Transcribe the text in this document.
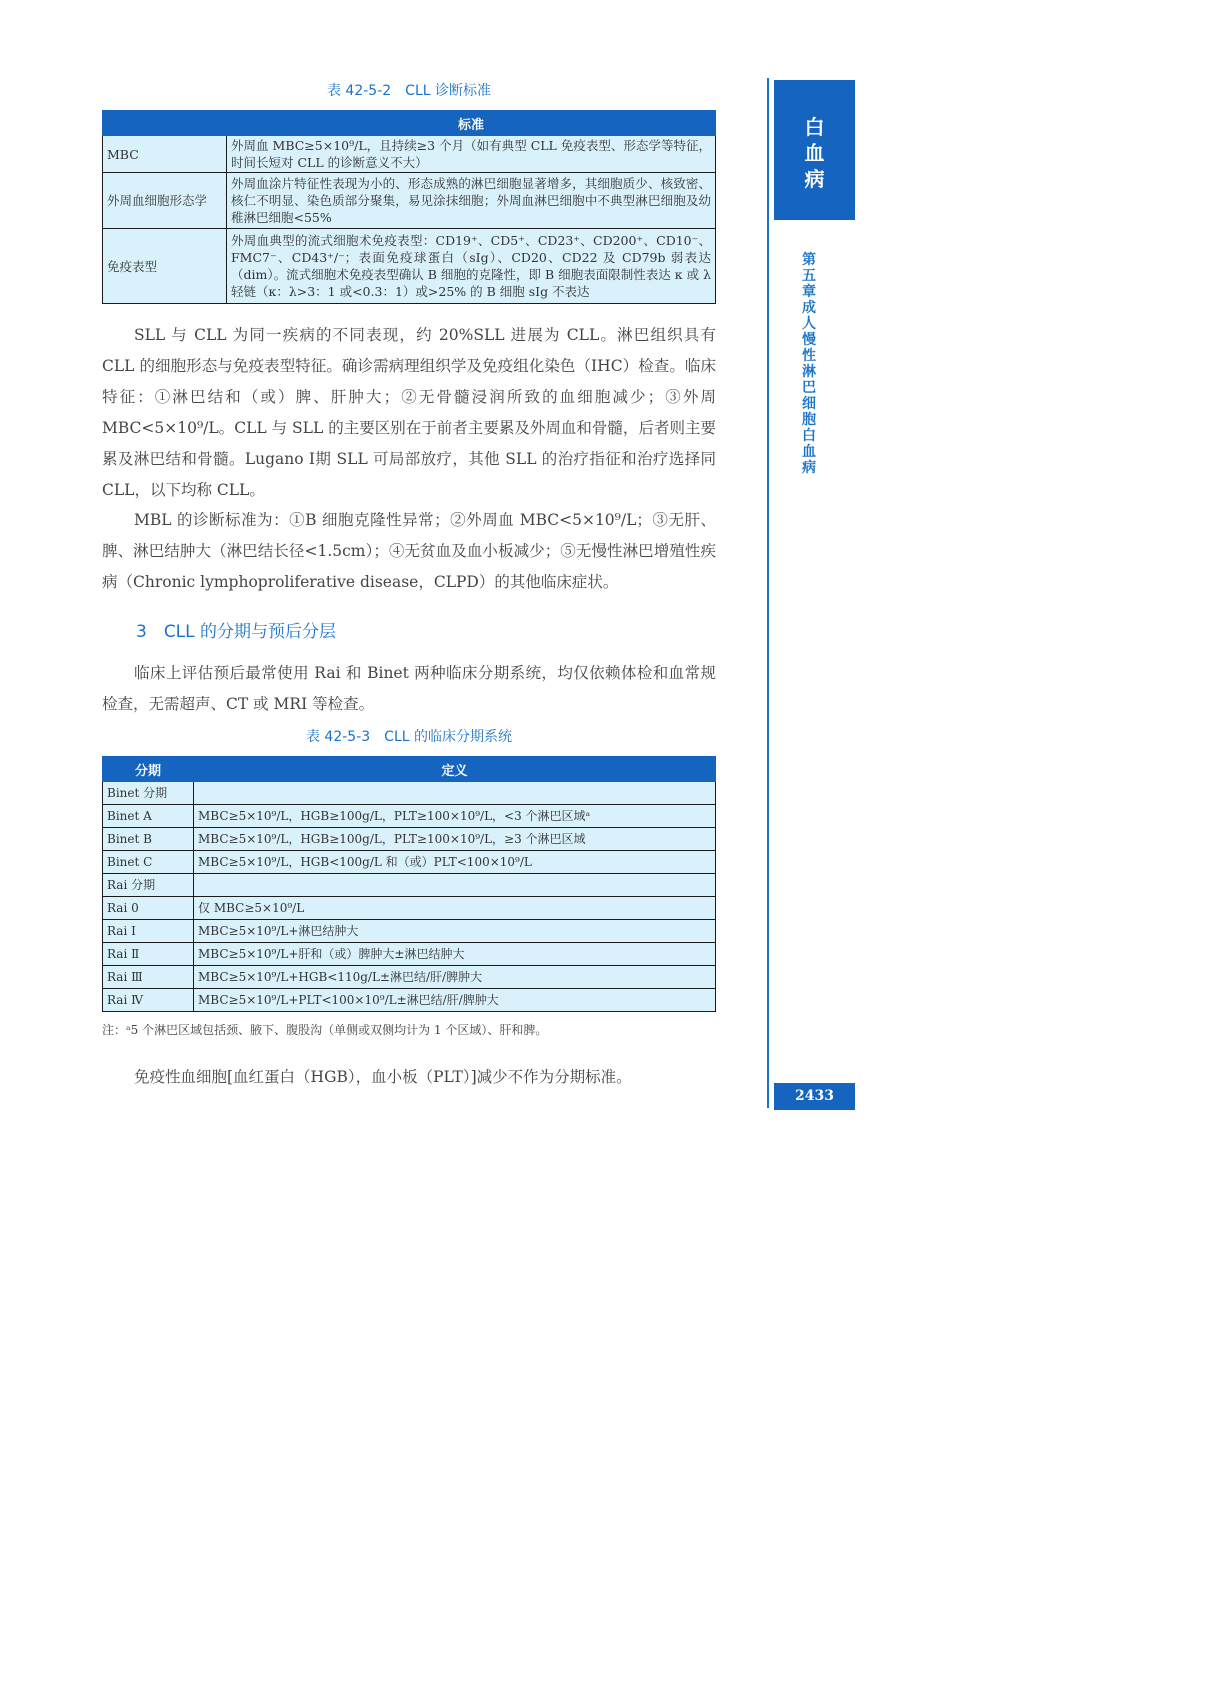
表 42-5-2　CLL 诊断标准
	标准
MBC	外周血 MBC≥5×10⁹/L，且持续≥3 个月（如有典型 CLL 免疫表型、形态学等特征，时间长短对 CLL 的诊断意义不大）
外周血细胞形态学	外周血涂片特征性表现为小的、形态成熟的淋巴细胞显著增多，其细胞质少、核致密、核仁不明显、染色质部分聚集，易见涂抹细胞；外周血淋巴细胞中不典型淋巴细胞及幼稚淋巴细胞<55%
免疫表型	外周血典型的流式细胞术免疫表型：CD19⁺、CD5⁺、CD23⁺、CD200⁺、CD10⁻、FMC7⁻、CD43⁺/⁻；表面免疫球蛋白（sIg）、CD20、CD22 及 CD79b 弱表达（dim）。流式细胞术免疫表型确认 B 细胞的克隆性，即 B 细胞表面限制性表达 κ 或 λ 轻链（κ：λ>3：1 或<0.3：1）或>25% 的 B 细胞 sIg 不表达

SLL 与 CLL 为同一疾病的不同表现，约 20%SLL 进展为 CLL。淋巴组织具有 CLL 的细胞形态与免疫表型特征。确诊需病理组织学及免疫组化染色（IHC）检查。临床特征：①淋巴结和（或）脾、肝肿大；②无骨髓浸润所致的血细胞减少；③外周 MBC<5×10⁹/L。CLL 与 SLL 的主要区别在于前者主要累及外周血和骨髓，后者则主要累及淋巴结和骨髓。Lugano Ⅰ期 SLL 可局部放疗，其他 SLL 的治疗指征和治疗选择同 CLL，以下均称 CLL。

MBL 的诊断标准为：①B 细胞克隆性异常；②外周血 MBC<5×10⁹/L；③无肝、脾、淋巴结肿大（淋巴结长径<1.5cm）；④无贫血及血小板减少；⑤无慢性淋巴增殖性疾病（Chronic lymphoproliferative disease，CLPD）的其他临床症状。

3　CLL 的分期与预后分层

临床上评估预后最常使用 Rai 和 Binet 两种临床分期系统，均仅依赖体检和血常规检查，无需超声、CT 或 MRI 等检查。

表 42-5-3　CLL 的临床分期系统
分期	定义
Binet 分期	
Binet A	MBC≥5×10⁹/L，HGB≥100g/L，PLT≥100×10⁹/L，<3 个淋巴区域ᵃ
Binet B	MBC≥5×10⁹/L，HGB≥100g/L，PLT≥100×10⁹/L，≥3 个淋巴区域
Binet C	MBC≥5×10⁹/L，HGB<100g/L 和（或）PLT<100×10⁹/L
Rai 分期	
Rai 0	仅 MBC≥5×10⁹/L
Rai Ⅰ	MBC≥5×10⁹/L+淋巴结肿大
Rai Ⅱ	MBC≥5×10⁹/L+肝和（或）脾肿大±淋巴结肿大
Rai Ⅲ	MBC≥5×10⁹/L+HGB<110g/L±淋巴结/肝/脾肿大
Rai Ⅳ	MBC≥5×10⁹/L+PLT<100×10⁹/L±淋巴结/肝/脾肿大
注：ᵃ5 个淋巴区域包括颈、腋下、腹股沟（单侧或双侧均计为 1 个区域）、肝和脾。

免疫性血细胞[血红蛋白（HGB），血小板（PLT）]减少不作为分期标准。

白
血
病
第五章　成人慢性淋巴细胞白血病
2433
